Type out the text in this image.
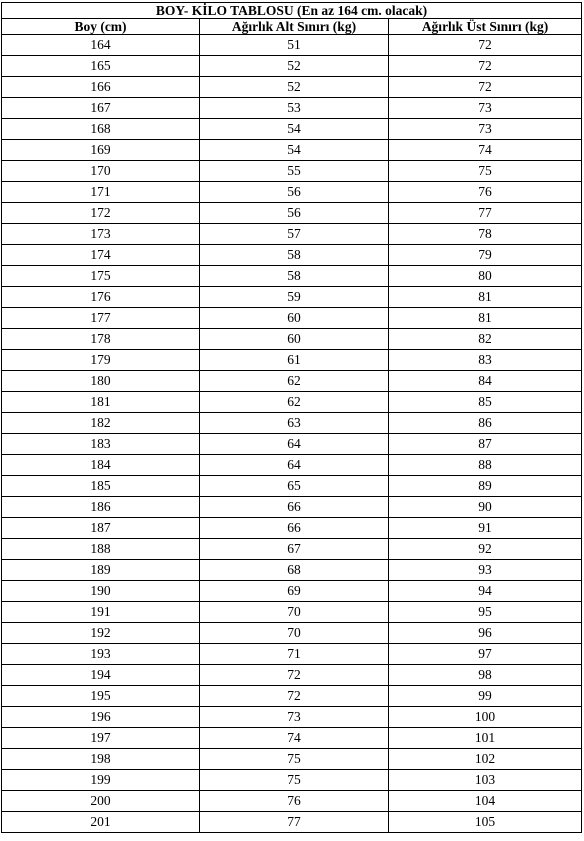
BOY- KİLO TABLOSU (En az 164 cm. olacak)		
Boy (cm)	Ağırlık Alt Sınırı (kg)	Ağırlık Üst Sınırı (kg)
164	51	72
165	52	72
166	52	72
167	53	73
168	54	73
169	54	74
170	55	75
171	56	76
172	56	77
173	57	78
174	58	79
175	58	80
176	59	81
177	60	81
178	60	82
179	61	83
180	62	84
181	62	85
182	63	86
183	64	87
184	64	88
185	65	89
186	66	90
187	66	91
188	67	92
189	68	93
190	69	94
191	70	95
192	70	96
193	71	97
194	72	98
195	72	99
196	73	100
197	74	101
198	75	102
199	75	103
200	76	104
201	77	105
